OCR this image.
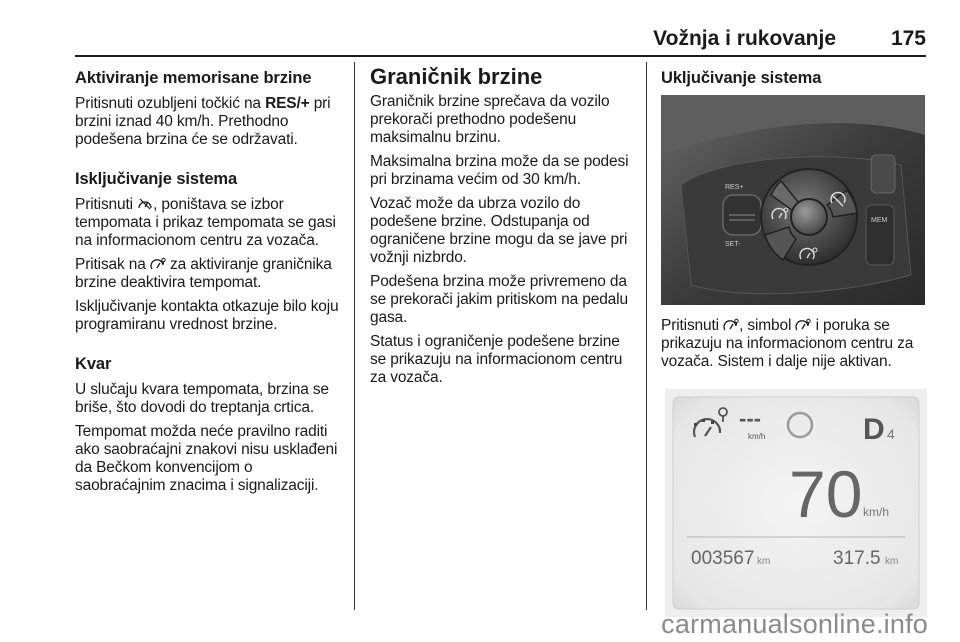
Vožnja i rukovanje	175
Aktiviranje memorisane brzine

Pritisnuti ozubljeni točkić na RES/+ pri brzini iznad 40 km/h. Prethodno podešena brzina će se održavati.

Isključivanje sistema

Pritisnuti , poništava se izbor tempomata i prikaz tempomata se gasi na informacionom centru za vozača.

Pritisak na  za aktiviranje graničnika brzine deaktivira tempomat.

Isključivanje kontakta otkazuje bilo koju programiranu vrednost brzine.

Kvar

U slučaju kvara tempomata, brzina se briše, što dovodi do treptanja crtica.

Tempomat možda neće pravilno raditi ako saobraćajni znakovi nisu usklađeni da Bečkom konvencijom o saobraćajnim znacima i signalizaciji.

Graničnik brzine

Graničnik brzine sprečava da vozilo prekorači prethodno podešenu maksimalnu brzinu.

Maksimalna brzina može da se podesi pri brzinama većim od 30 km/h.

Vozač može da ubrza vozilo do podešene brzine. Odstupanja od ograničene brzine mogu da se jave pri vožnji nizbrdo.

Podešena brzina može privremeno da se prekorači jakim pritiskom na pedalu gasa.

Status i ograničenje podešene brzine se prikazuju na informacionom centru za vozača.

Uključivanje sistema
RES+
SET-
MEM

Pritisnuti , simbol  i poruka se prikazuju na informacionom centru za vozača. Sistem i dalje nije aktivan.

---
km/h	D 4
70 km/h
003567 km	317.5 km
carmanualsonline.info
